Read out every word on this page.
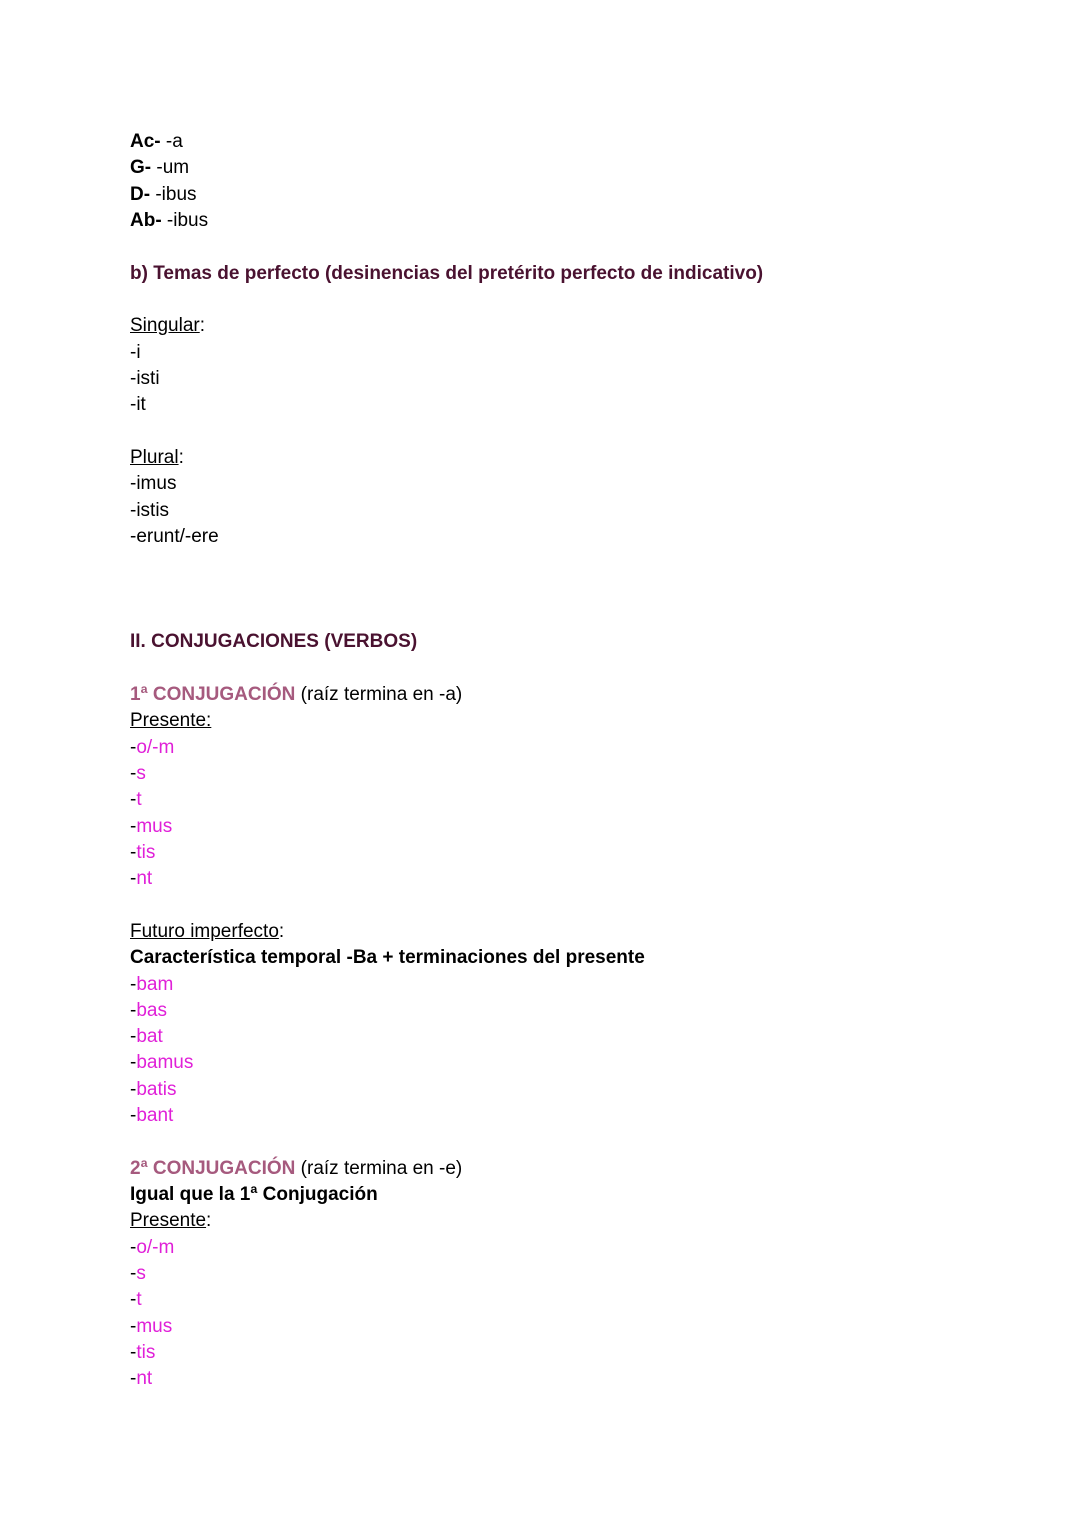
Ac- -a
G- -um
D- -ibus
Ab- -ibus
b) Temas de perfecto (desinencias del pretérito perfecto de indicativo)
Singular:
-i
-isti
-it
Plural:
-imus
-istis
-erunt/-ere
II. CONJUGACIONES (VERBOS)
1ª CONJUGACIÓN (raíz termina en -a)
Presente:
-o/-m
-s
-t
-mus
-tis
-nt
Futuro imperfecto:
Característica temporal -Ba + terminaciones del presente
-bam
-bas
-bat
-bamus
-batis
-bant
2ª CONJUGACIÓN (raíz termina en -e)
Igual que la 1ª Conjugación
Presente:
-o/-m
-s
-t
-mus
-tis
-nt
